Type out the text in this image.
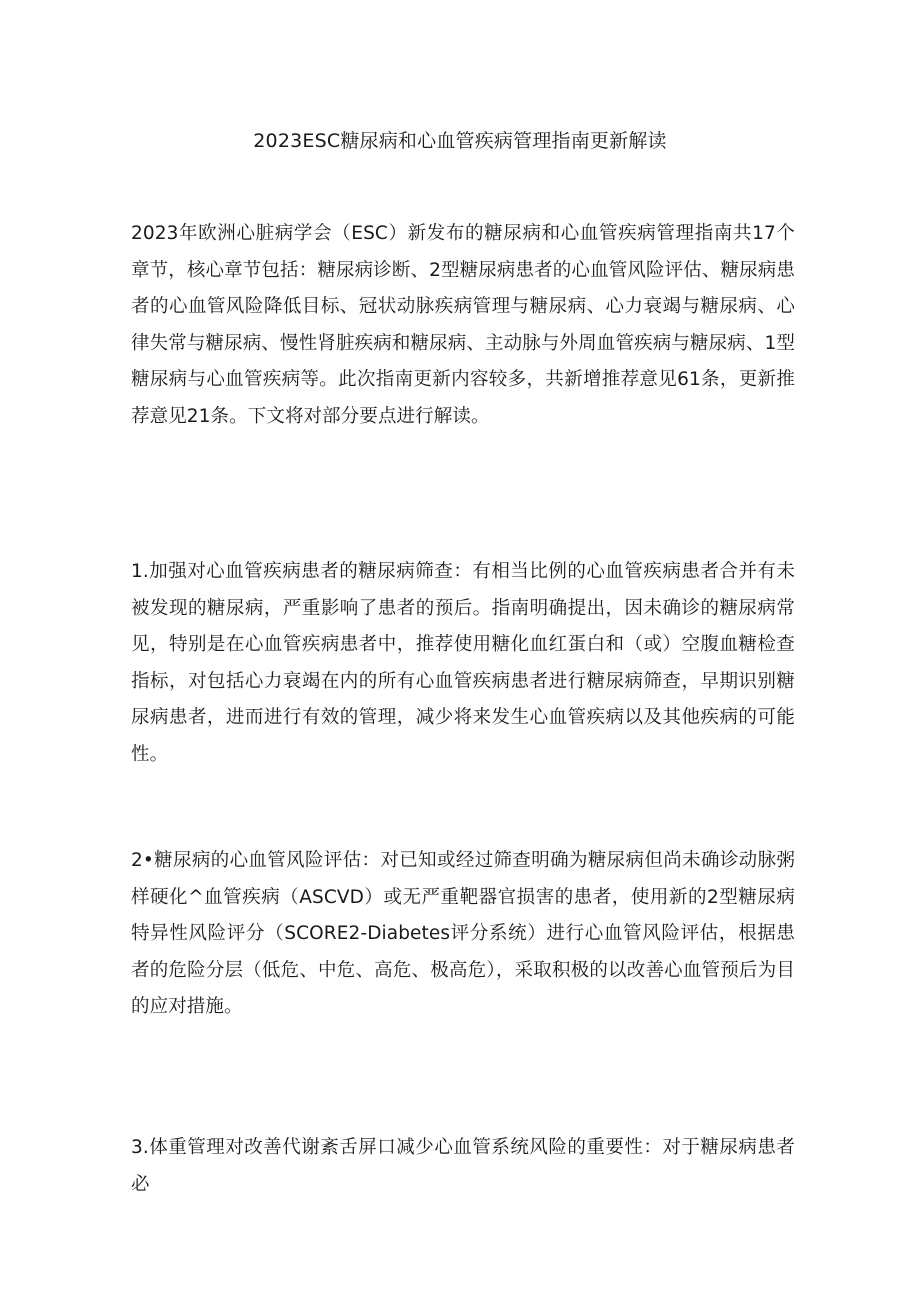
2023ESC糖尿病和心血管疾病管理指南更新解读

2023年欧洲心脏病学会（ESC）新发布的糖尿病和心血管疾病管理指南共17个章节，核心章节包括：糖尿病诊断、2型糖尿病患者的心血管风险评估、糖尿病患者的心血管风险降低目标、冠状动脉疾病管理与糖尿病、心力衰竭与糖尿病、心律失常与糖尿病、慢性肾脏疾病和糖尿病、主动脉与外周血管疾病与糖尿病、1型糖尿病与心血管疾病等。此次指南更新内容较多，共新增推荐意见61条，更新推荐意见21条。下文将对部分要点进行解读。

1.加强对心血管疾病患者的糖尿病筛查：有相当比例的心血管疾病患者合并有未被发现的糖尿病，严重影响了患者的预后。指南明确提出，因未确诊的糖尿病常见，特别是在心血管疾病患者中，推荐使用糖化血红蛋白和（或）空腹血糖检查指标，对包括心力衰竭在内的所有心血管疾病患者进行糖尿病筛查，早期识别糖尿病患者，进而进行有效的管理，减少将来发生心血管疾病以及其他疾病的可能性。

2•糖尿病的心血管风险评估：对已知或经过筛查明确为糖尿病但尚未确诊动脉粥样硬化^血管疾病（ASCVD）或无严重靶器官损害的患者，使用新的2型糖尿病特异性风险评分（SCORE2-Diabetes评分系统）进行心血管风险评估，根据患者的危险分层（低危、中危、高危、极高危），采取积极的以改善心血管预后为目的应对措施。

3.体重管理对改善代谢紊舌屏口减少心血管系统风险的重要性：对于糖尿病患者必
